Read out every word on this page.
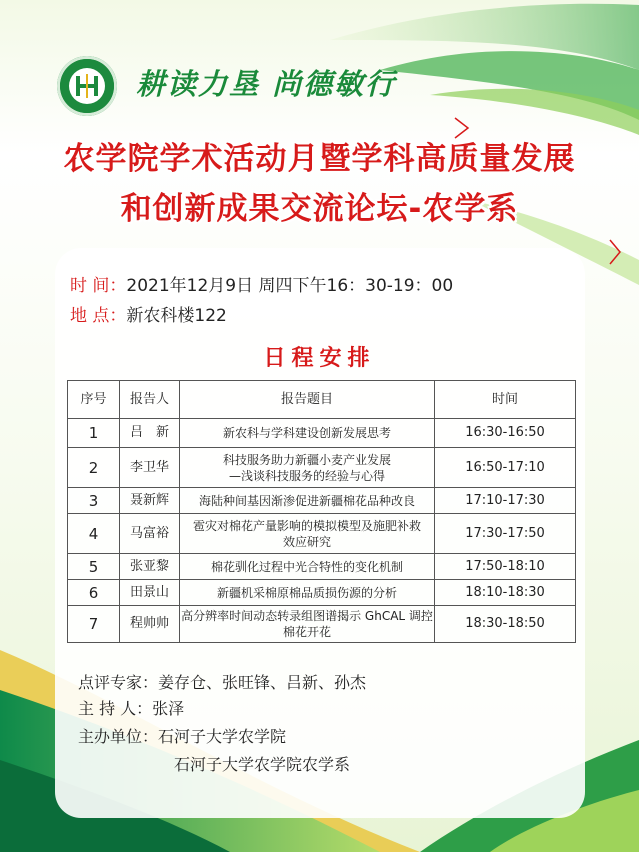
耕读力垦 尚德敏行
农学院学术活动月暨学科高质量发展
和创新成果交流论坛-农学系
时 间：2021年12月9日 周四下午16：30-19：00
地 点：新农科楼122
日程安排
序号	报告人	报告题目	时间
1	吕　新	新农科与学科建设创新发展思考	16:30-16:50
2	李卫华	科技服务助力新疆小麦产业发展
—浅谈科技服务的经验与心得	16:50-17:10
3	聂新辉	海陆种间基因渐渗促进新疆棉花品种改良	17:10-17:30
4	马富裕	雹灾对棉花产量影响的模拟模型及施肥补救
效应研究	17:30-17:50
5	张亚黎	棉花驯化过程中光合特性的变化机制	17:50-18:10
6	田景山	新疆机采棉原棉品质损伤源的分析	18:10-18:30
7	程帅帅	高分辨率时间动态转录组图谱揭示 GhCAL 调控
棉花开花	18:30-18:50
点评专家：姜存仓、张旺锋、吕新、孙杰
主 持 人：张泽
主办单位：石河子大学农学院
石河子大学农学院农学系
